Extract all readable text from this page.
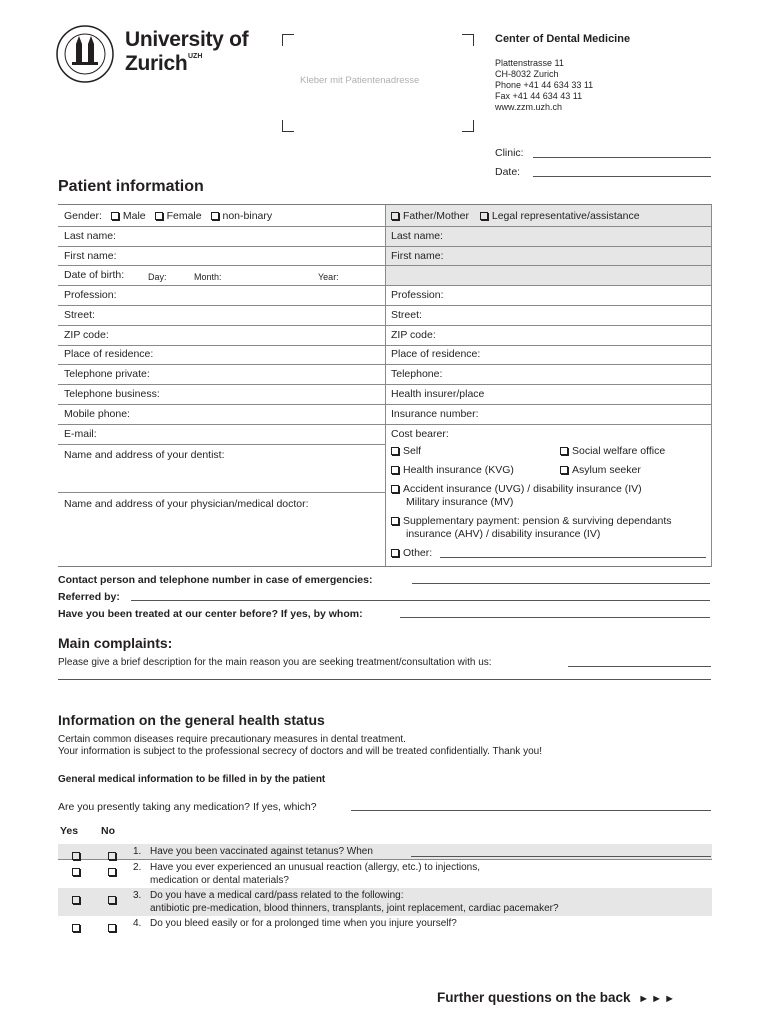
University of
Zurich UZH
Kleber mit Patientenadresse
Center of Dental Medicine
Plattenstrasse 11
CH-8032 Zurich
Phone +41 44 634 33 11
Fax +41 44 634 43 11
www.zzm.uzh.ch
Clinic:
Date:
Patient information
Gender: Male Female non-binary	Father/Mother Legal representative/assistance
Last name:
First name:
Date of birth:	Day:	Month:	Year:
Profession:
Street:
ZIP code:
Place of residence:
Telephone private:
Telephone business:
Mobile phone:
E-mail:
Name and address of your dentist:
Name and address of your physician/medical doctor:
Last name:
First name:
Profession:
Street:
ZIP code:
Place of residence:
Telephone:
Health insurer/place
Insurance number:
Cost bearer:
Self	Social welfare office
Health insurance (KVG)	Asylum seeker
Accident insurance (UVG) / disability insurance (IV)
Military insurance (MV)
Supplementary payment: pension & surviving dependants
insurance (AHV) / disability insurance (IV)
Other:
Contact person and telephone number in case of emergencies:
Referred by:
Have you been treated at our center before? If yes, by whom:
Main complaints:
Please give a brief description for the main reason you are seeking treatment/consultation with us:
Information on the general health status
Certain common diseases require precautionary measures in dental treatment.
Your information is subject to the professional secrecy of doctors and will be treated confidentially. Thank you!
General medical information to be filled in by the patient
Are you presently taking any medication? If yes, which?
Yes No
1. Have you been vaccinated against tetanus? When
2. Have you ever experienced an unusual reaction (allergy, etc.) to injections,
medication or dental materials?
3. Do you have a medical card/pass related to the following:
antibiotic pre-medication, blood thinners, transplants, joint replacement, cardiac pacemaker?
4. Do you bleed easily or for a prolonged time when you injure yourself?
Further questions on the back ►►►
